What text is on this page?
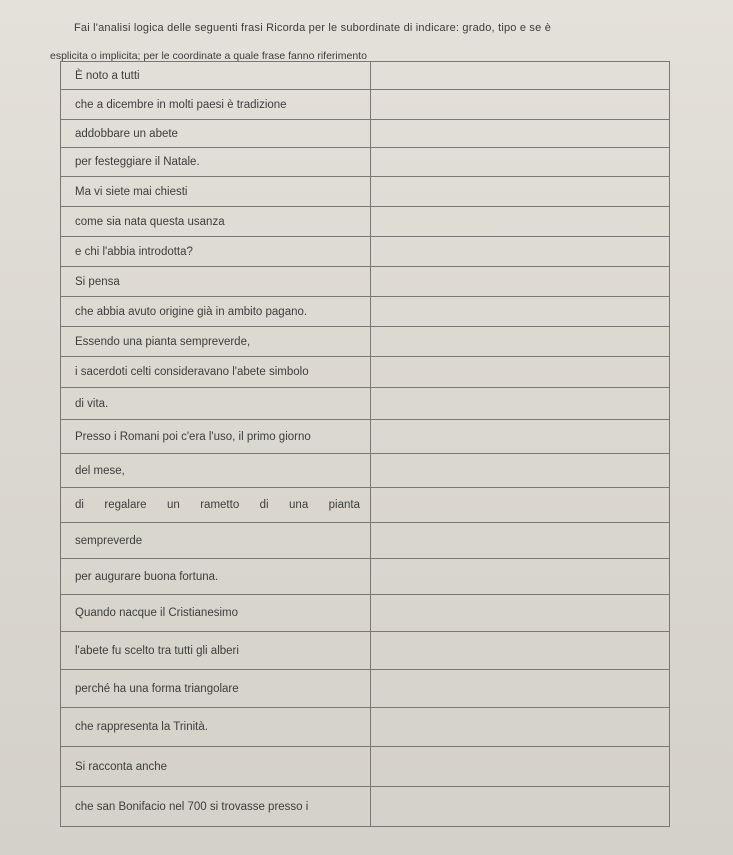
Fai l'analisi logica delle seguenti frasi Ricorda per le subordinate di indicare: grado, tipo e se è
esplicita o implicita; per le coordinate a quale frase fanno riferimento

È noto a tutti	
che a dicembre in molti paesi è tradizione	
addobbare un abete	
per festeggiare il Natale.	
Ma vi siete mai chiesti	
come sia nata questa usanza	
e chi l'abbia introdotta?	
Si pensa	
che abbia avuto origine già in ambito pagano.	
Essendo una pianta sempreverde,	
i sacerdoti celti consideravano l'abete simbolo	
di vita.	
Presso i Romani poi c'era l'uso, il primo giorno	
del mese,	
di regalare un rametto di una pianta	
sempreverde	
per augurare buona fortuna.	
Quando nacque il Cristianesimo	
l'abete fu scelto tra tutti gli alberi	
perché ha una forma triangolare	
che rappresenta la Trinità.	
Si racconta anche	
che san Bonifacio nel 700 si trovasse presso i	
